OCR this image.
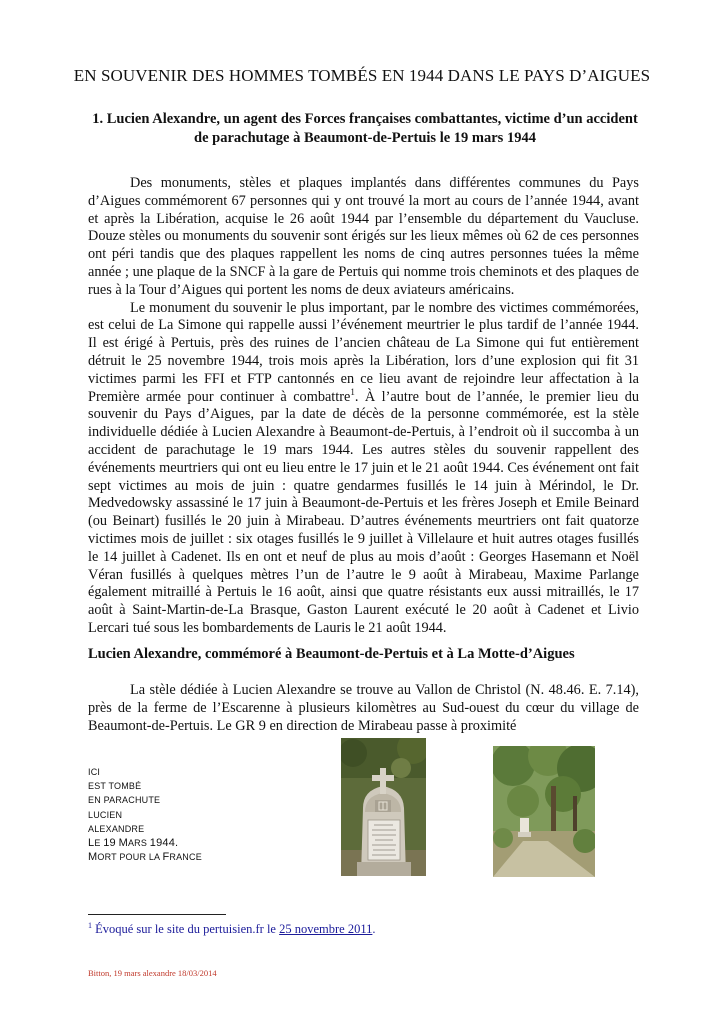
EN SOUVENIR DES HOMMES TOMBÉS EN 1944 DANS LE PAYS D’AIGUES
1. Lucien Alexandre, un agent des Forces françaises combattantes, victime d’un accident de parachutage à Beaumont-de-Pertuis le 19 mars 1944

Des monuments, stèles et plaques implantés dans différentes communes du Pays d’Aigues commémorent 67 personnes qui y ont trouvé la mort au cours de l’année 1944, avant et après la Libération, acquise le 26 août 1944 par l’ensemble du département du Vaucluse. Douze stèles ou monuments du souvenir sont érigés sur les lieux mêmes où 62 de ces personnes ont péri tandis que des plaques rappellent les noms de cinq autres personnes tuées la même année ; une plaque de la SNCF à la gare de Pertuis qui nomme trois cheminots et des plaques de rues à la Tour d’Aigues qui portent les noms de deux aviateurs américains.

Le monument du souvenir le plus important, par le nombre des victimes commémorées, est celui de La Simone qui rappelle aussi l’événement meurtrier le plus tardif de l’année 1944. Il est érigé à Pertuis, près des ruines de l’ancien château de La Simone qui fut entièrement détruit le 25 novembre 1944, trois mois après la Libération, lors d’une explosion qui fit 31 victimes parmi les FFI et FTP cantonnés en ce lieu avant de rejoindre leur affectation à la Première armée pour continuer à combattre$^1$. À l’autre bout de l’année, le premier lieu du souvenir du Pays d’Aigues, par la date de décès de la personne commémorée, est la stèle individuelle dédiée à Lucien Alexandre à Beaumont-de-Pertuis, à l’endroit où il succomba à un accident de parachutage le 19 mars 1944. Les autres stèles du souvenir rappellent des événements meurtriers qui ont eu lieu entre le 17 juin et le 21 août 1944. Ces événement ont fait sept victimes au mois de juin : quatre gendarmes fusillés le 14 juin à Mérindol, le Dr. Medvedowsky assassiné le 17 juin à Beaumont-de-Pertuis et les frères Joseph et Emile Beinard (ou Beinart) fusillés le 20 juin à Mirabeau. D’autres événements meurtriers ont fait quatorze victimes mois de juillet : six otages fusillés le 9 juillet à Villelaure et huit autres otages fusillés le 14 juillet à Cadenet. Ils en ont et neuf de plus au mois d’août : Georges Hasemann et Noël Véran fusillés à quelques mètres l’un de l’autre le 9 août à Mirabeau, Maxime Parlange également mitraillé à Pertuis le 16 août, ainsi que quatre résistants eux aussi mitraillés, le 17 août à Saint-Martin-de-La Brasque, Gaston Laurent exécuté le 20 août à Cadenet et Livio Lercari tué sous les bombardements de Lauris le 21 août 1944.

Lucien Alexandre, commémoré à Beaumont-de-Pertuis et à La Motte-d’Aigues

La stèle dédiée à Lucien Alexandre se trouve au Vallon de Christol (N. 48.46. E. 7.14), près de la ferme de l’Escarenne à plusieurs kilomètres au Sud-ouest du cœur du village de Beaumont-de-Pertuis. Le GR 9 en direction de Mirabeau passe à proximité

ICI
EST TOMBÉ
EN PARACHUTE
LUCIEN
ALEXANDRE
LE 19 MARS 1944.
MORT POUR LA FRANCE
$^1$ Évoqué sur le site du pertuisien.fr le 25 novembre 2011.
Bitton, 19 mars alexandre 18/03/2014
